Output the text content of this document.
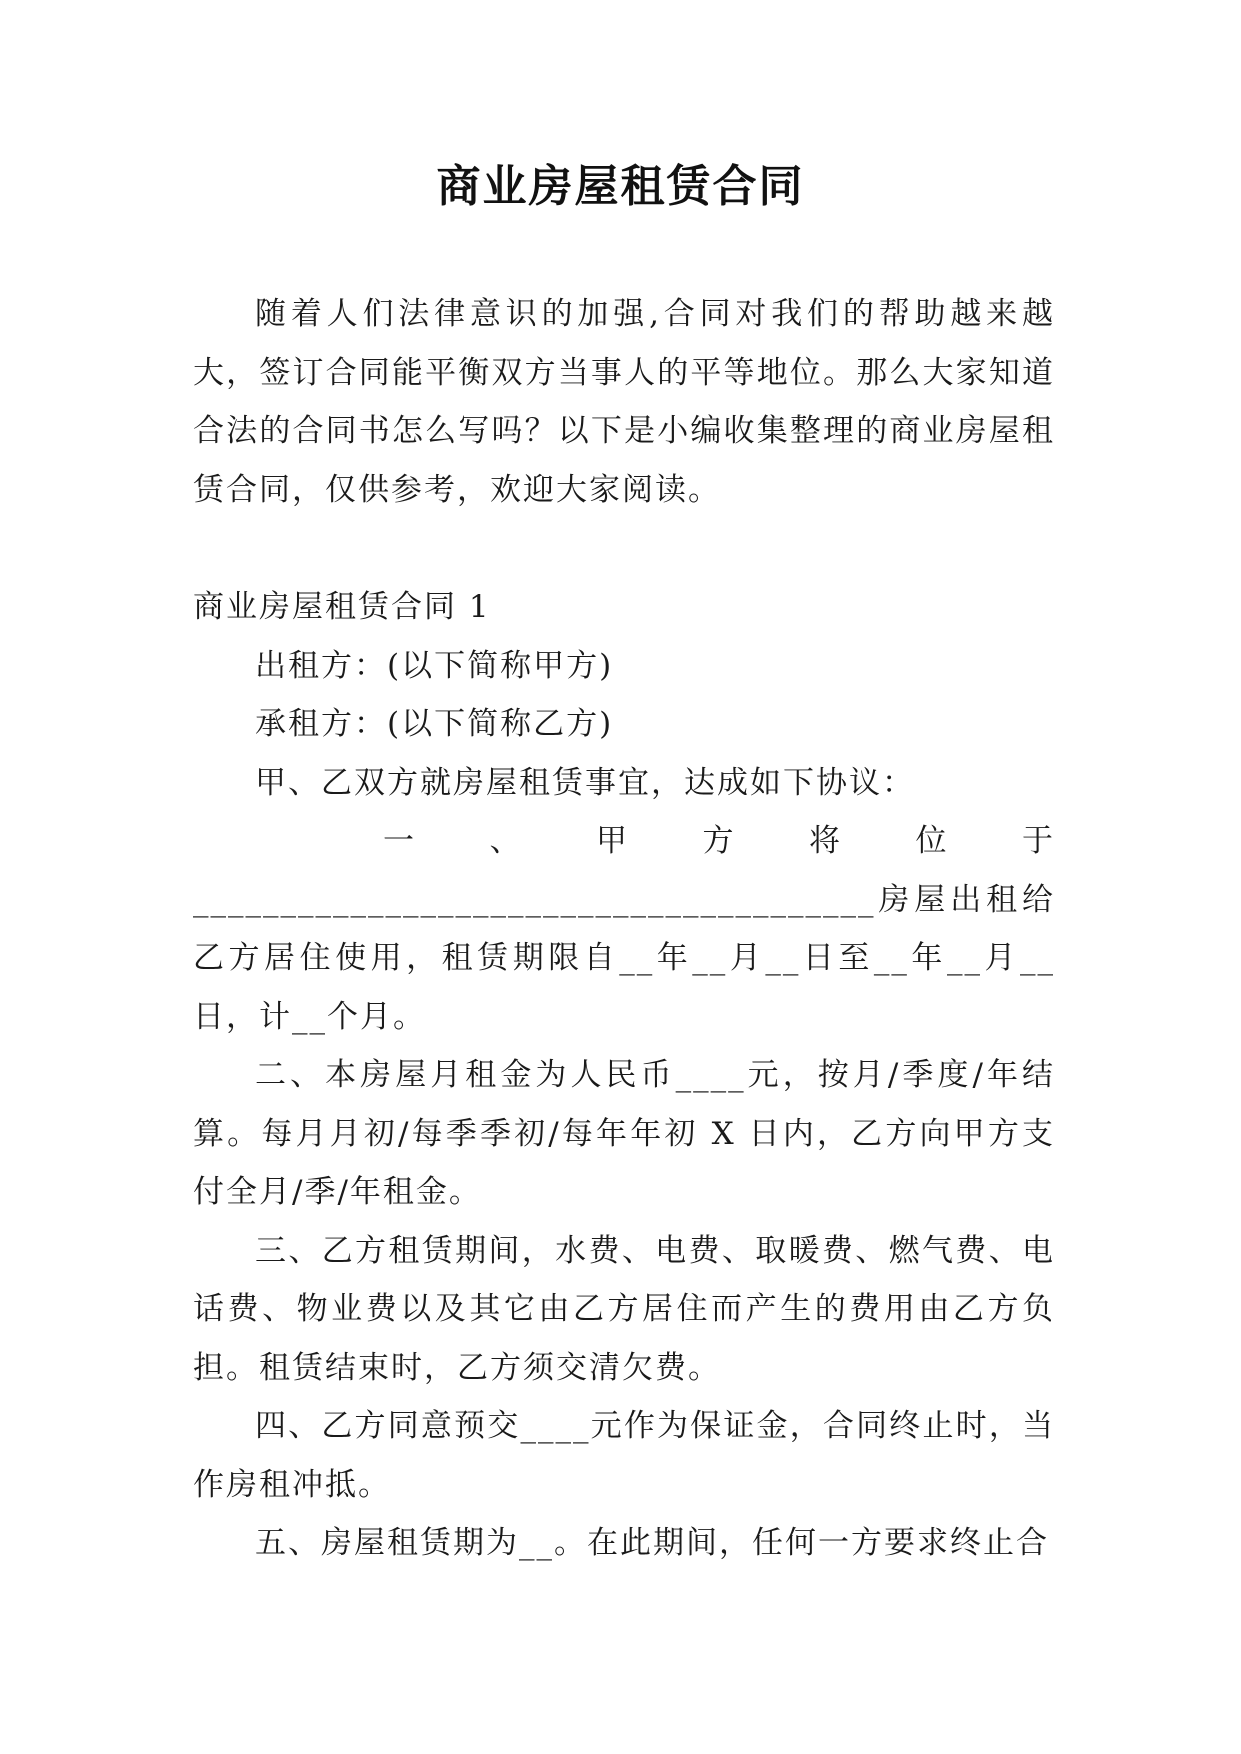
商业房屋租赁合同

随着人们法律意识的加强,合同对我们的帮助越来越大，签订合同能平衡双方当事人的平等地位。那么大家知道合法的合同书怎么写吗？以下是小编收集整理的商业房屋租赁合同，仅供参考，欢迎大家阅读。

商业房屋租赁合同 1

出租方：(以下简称甲方)

承租方：(以下简称乙方)

甲、乙双方就房屋租赁事宜，达成如下协议：

一 、 甲 方 将 位 于

_______________________________________房屋出租给乙方居住使用，租赁期限自__年__月__日至__年__月__日，计__个月。

二、本房屋月租金为人民币____元，按月/季度/年结算。每月月初/每季季初/每年年初 X 日内，乙方向甲方支付全月/季/年租金。

三、乙方租赁期间，水费、电费、取暖费、燃气费、电话费、物业费以及其它由乙方居住而产生的费用由乙方负担。租赁结束时，乙方须交清欠费。

四、乙方同意预交____元作为保证金，合同终止时，当作房租冲抵。

五、房屋租赁期为__。在此期间，任何一方要求终止合
